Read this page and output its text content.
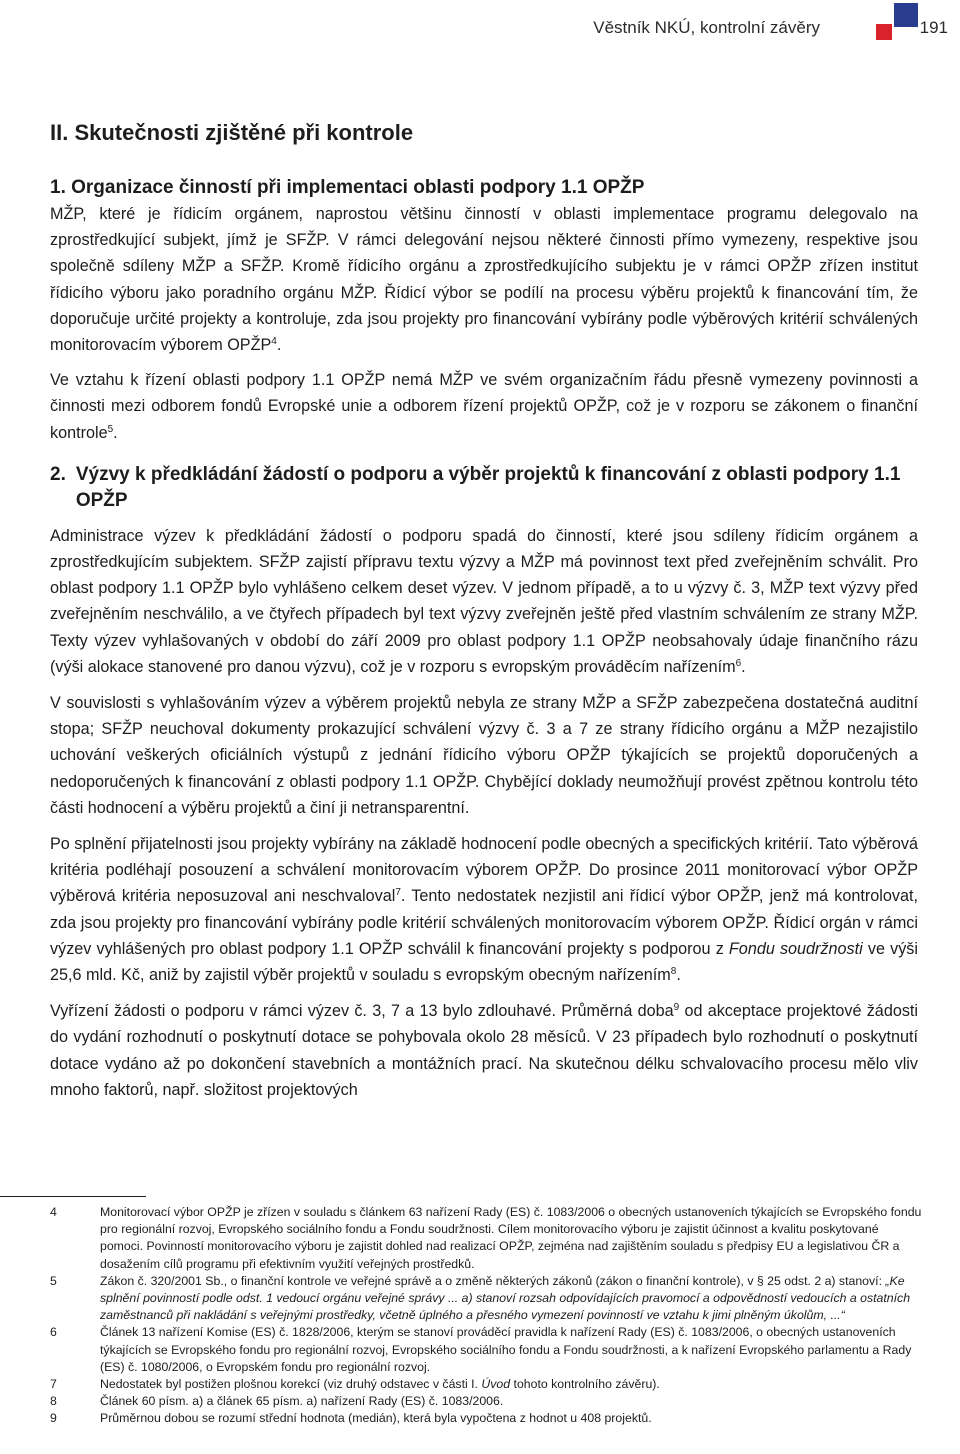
Věstník NKÚ, kontrolní závěry	191
II. Skutečnosti zjištěné při kontrole
1. Organizace činností při implementaci oblasti podpory 1.1 OPŽP

MŽP, které je řídicím orgánem, naprostou většinu činností v oblasti implementace programu delegovalo na zprostředkující subjekt, jímž je SFŽP. V rámci delegování nejsou některé činnosti přímo vymezeny, respektive jsou společně sdíleny MŽP a SFŽP. Kromě řídicího orgánu a zprostředkujícího subjektu je v rámci OPŽP zřízen institut řídicího výboru jako poradního orgánu MŽP. Řídicí výbor se podílí na procesu výběru projektů k financování tím, že doporučuje určité projekty a kontroluje, zda jsou projekty pro financování vybírány podle výběrových kritérií schválených monitorovacím výborem OPŽP$^4$.

Ve vztahu k řízení oblasti podpory 1.1 OPŽP nemá MŽP ve svém organizačním řádu přesně vymezeny povinnosti a činnosti mezi odborem fondů Evropské unie a odborem řízení projektů OPŽP, což je v rozporu se zákonem o finanční kontrole$^5$.

2. Výzvy k předkládání žádostí o podporu a výběr projektů k financování z oblasti podpory 1.1 OPŽP

Administrace výzev k předkládání žádostí o podporu spadá do činností, které jsou sdíleny řídicím orgánem a zprostředkujícím subjektem. SFŽP zajistí přípravu textu výzvy a MŽP má povinnost text před zveřejněním schválit. Pro oblast podpory 1.1 OPŽP bylo vyhlášeno celkem deset výzev. V jednom případě, a to u výzvy č. 3, MŽP text výzvy před zveřejněním neschválilo, a ve čtyřech případech byl text výzvy zveřejněn ještě před vlastním schválením ze strany MŽP. Texty výzev vyhlašovaných v období do září 2009 pro oblast podpory 1.1 OPŽP neobsahovaly údaje finančního rázu (výši alokace stanovené pro danou výzvu), což je v rozporu s evropským prováděcím nařízením$^6$.

V souvislosti s vyhlašováním výzev a výběrem projektů nebyla ze strany MŽP a SFŽP zabezpečena dostatečná auditní stopa; SFŽP neuchoval dokumenty prokazující schválení výzvy č. 3 a 7 ze strany řídicího orgánu a MŽP nezajistilo uchování veškerých oficiálních výstupů z jednání řídicího výboru OPŽP týkajících se projektů doporučených a nedoporučených k financování z oblasti podpory 1.1 OPŽP. Chybějící doklady neumožňují provést zpětnou kontrolu této části hodnocení a výběru projektů a činí ji netransparentní.

Po splnění přijatelnosti jsou projekty vybírány na základě hodnocení podle obecných a specifických kritérií. Tato výběrová kritéria podléhají posouzení a schválení monitorovacím výborem OPŽP. Do prosince 2011 monitorovací výbor OPŽP výběrová kritéria neposuzoval ani neschvaloval$^7$. Tento nedostatek nezjistil ani řídicí výbor OPŽP, jenž má kontrolovat, zda jsou projekty pro financování vybírány podle kritérií schválených monitorovacím výborem OPŽP. Řídicí orgán v rámci výzev vyhlášených pro oblast podpory 1.1 OPŽP schválil k financování projekty s podporou z Fondu soudržnosti ve výši 25,6 mld. Kč, aniž by zajistil výběr projektů v souladu s evropským obecným nařízením$^8$.

Vyřízení žádosti o podporu v rámci výzev č. 3, 7 a 13 bylo zdlouhavé. Průměrná doba$^9$ od akceptace projektové žádosti do vydání rozhodnutí o poskytnutí dotace se pohybovala okolo 28 měsíců. V 23 případech bylo rozhodnutí o poskytnutí dotace vydáno až po dokončení stavebních a montážních prací. Na skutečnou délku schvalovacího procesu mělo vliv mnoho faktorů, např. složitost projektových

4	Monitorovací výbor OPŽP je zřízen v souladu s článkem 63 nařízení Rady (ES) č. 1083/2006 o obecných ustanoveních týkajících se Evropského fondu pro regionální rozvoj, Evropského sociálního fondu a Fondu soudržnosti. Cílem monitorovacího výboru je zajistit účinnost a kvalitu poskytované pomoci. Povinností monitorovacího výboru je zajistit dohled nad realizací OPŽP, zejména nad zajištěním souladu s předpisy EU a legislativou ČR a dosažením cílů programu při efektivním využití veřejných prostředků.
5	Zákon č. 320/2001 Sb., o finanční kontrole ve veřejné správě a o změně některých zákonů (zákon o finanční kontrole), v § 25 odst. 2 a) stanoví: „Ke splnění povinností podle odst. 1 vedoucí orgánu veřejné správy ... a) stanoví rozsah odpovídajících pravomocí a odpovědností vedoucích a ostatních zaměstnanců při nakládání s veřejnými prostředky, včetně úplného a přesného vymezení povinností ve vztahu k jimi plněným úkolům, ...“
6	Článek 13 nařízení Komise (ES) č. 1828/2006, kterým se stanoví prováděcí pravidla k nařízení Rady (ES) č. 1083/2006, o obecných ustanoveních týkajících se Evropského fondu pro regionální rozvoj, Evropského sociálního fondu a Fondu soudržnosti, a k nařízení Evropského parlamentu a Rady (ES) č. 1080/2006, o Evropském fondu pro regionální rozvoj.
7	Nedostatek byl postižen plošnou korekcí (viz druhý odstavec v části I. Úvod tohoto kontrolního závěru).
8	Článek 60 písm. a) a článek 65 písm. a) nařízení Rady (ES) č. 1083/2006.
9	Průměrnou dobou se rozumí střední hodnota (medián), která byla vypočtena z hodnot u 408 projektů.
